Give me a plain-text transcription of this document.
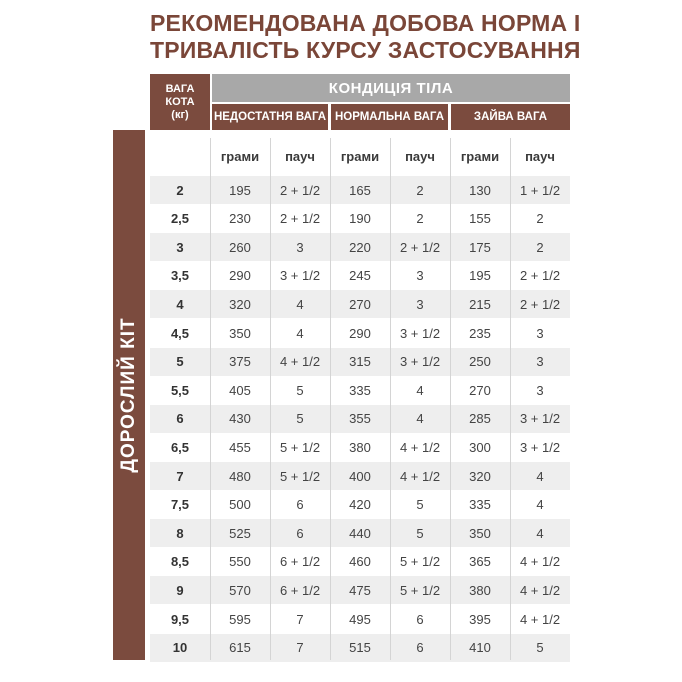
РЕКОМЕНДОВАНА ДОБОВА НОРМА І
ТРИВАЛІСТЬ КУРСУ ЗАСТОСУВАННЯ
ДОРОСЛИЙ КІТ
ВАГА
КОТА
(кг)
КОНДИЦІЯ ТІЛА
НЕДОСТАТНЯ ВАГА НОРМАЛЬНА ВАГА	ЗАЙВА ВАГА
грами	пауч	грами	пауч	грами	пауч
2	195	2 + 1/2	165	2	130	1 + 1/2
2,5	230	2 + 1/2	190	2	155	2
3	260	3	220	2 + 1/2	175	2
3,5	290	3 + 1/2	245	3	195	2 + 1/2
4	320	4	270	3	215	2 + 1/2
4,5	350	4	290	3 + 1/2	235	3
5	375	4 + 1/2	315	3 + 1/2	250	3
5,5	405	5	335	4	270	3
6	430	5	355	4	285	3 + 1/2
6,5	455	5 + 1/2	380	4 + 1/2	300	3 + 1/2
7	480	5 + 1/2	400	4 + 1/2	320	4
7,5	500	6	420	5	335	4
8	525	6	440	5	350	4
8,5	550	6 + 1/2	460	5 + 1/2	365	4 + 1/2
9	570	6 + 1/2	475	5 + 1/2	380	4 + 1/2
9,5	595	7	495	6	395	4 + 1/2
10	615	7	515	6	410	5
